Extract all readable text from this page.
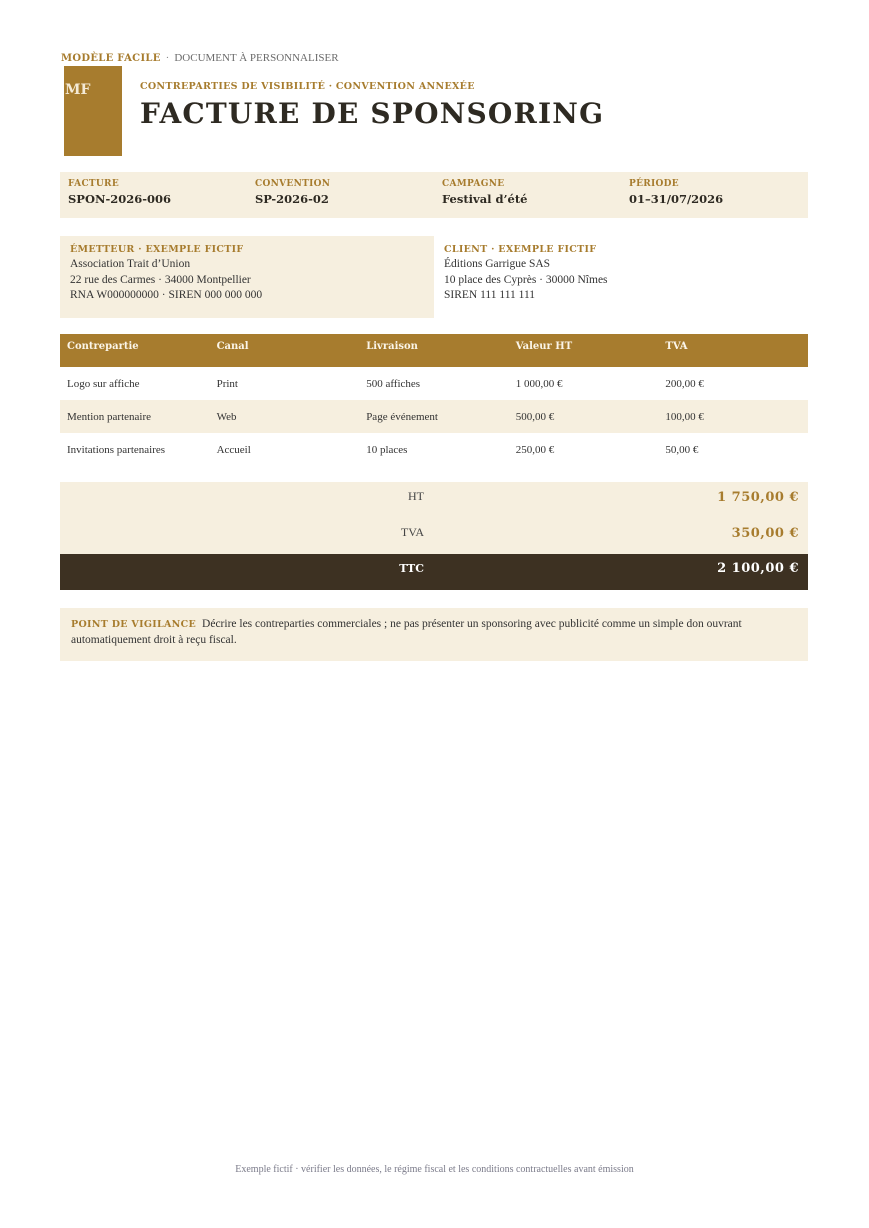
MODÈLE FACILE · DOCUMENT À PERSONNALISER
MF	CONTREPARTIES DE VISIBILITÉ · CONVENTION ANNEXÉE
FACTURE DE SPONSORING
FACTURE
SPON-2026-006
CONVENTION
SP-2026-02
CAMPAGNE
Festival d’été
PÉRIODE
01–31/07/2026
ÉMETTEUR · EXEMPLE FICTIF
Association Trait d’Union
22 rue des Carmes · 34000 Montpellier
RNA W000000000 · SIREN 000 000 000
CLIENT · EXEMPLE FICTIF
Éditions Garrigue SAS
10 place des Cyprès · 30000 Nîmes
SIREN 111 111 111
Contrepartie	Canal	Livraison	Valeur HT	TVA
Logo sur affiche	Print	500 affiches	1 000,00 €	200,00 €
Mention partenaire	Web	Page événement	500,00 €	100,00 €
Invitations partenaires	Accueil	10 places	250,00 €	50,00 €
HT	1 750,00 €
TVA	350,00 €
TTC	2 100,00 €
POINT DE VIGILANCE Décrire les contreparties commerciales ; ne pas présenter un sponsoring avec publicité comme un simple don ouvrant automatiquement droit à reçu fiscal.
Exemple fictif · vérifier les données, le régime fiscal et les conditions contractuelles avant émission
